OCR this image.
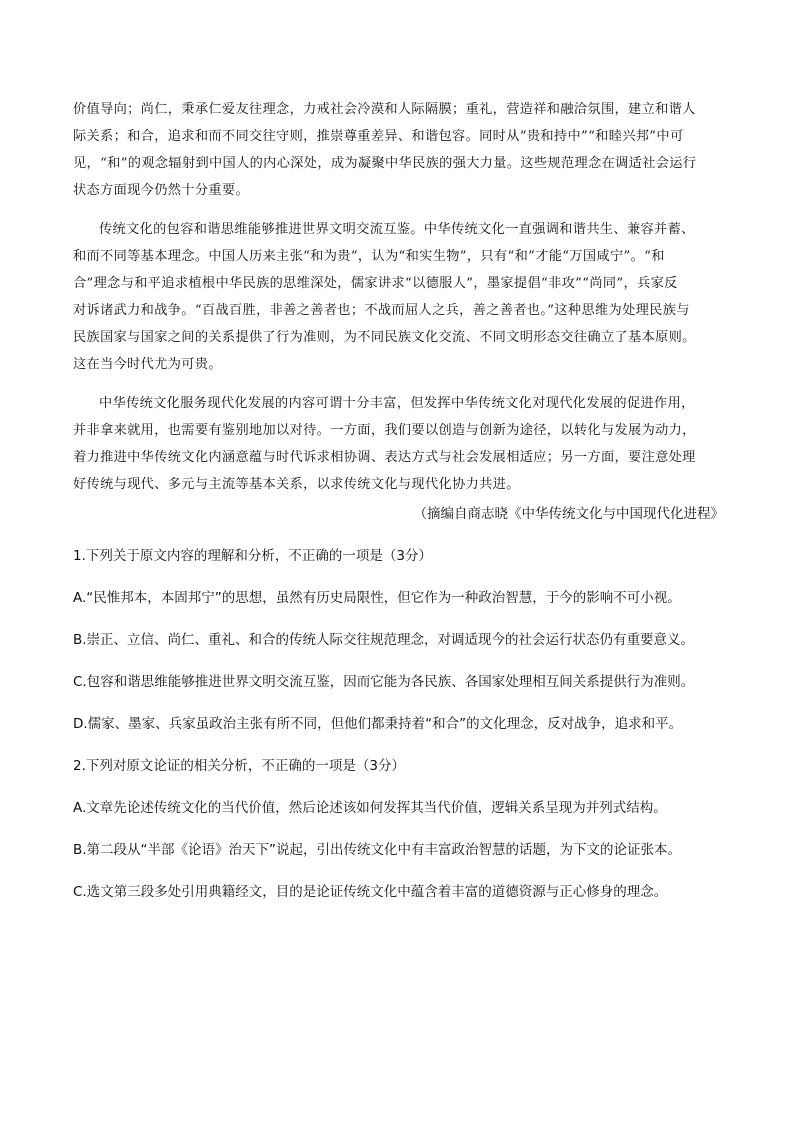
价值导向；尚仁，秉承仁爱友往理念，力戒社会冷漠和人际隔膜；重礼，营造祥和融洽氛围，建立和谐人
际关系；和合，追求和而不同交往守则，推崇尊重差异、和谐包容。同时从“贵和持中”“和睦兴邦”中可
见，“和”的观念辐射到中国人的内心深处，成为凝聚中华民族的强大力量。这些规范理念在调适社会运行
状态方面现今仍然十分重要。

传统文化的包容和谐思维能够推进世界文明交流互鉴。中华传统文化一直强调和谐共生、兼容并蓄、
和而不同等基本理念。中国人历来主张“和为贵”，认为“和实生物”，只有“和”才能“万国咸宁”。“和
合”理念与和平追求植根中华民族的思维深处，儒家讲求“以德服人”，墨家提倡“非攻”“尚同”，兵家反
对诉诸武力和战争。“百战百胜，非善之善者也；不战而屈人之兵，善之善者也。”这种思维为处理民族与
民族国家与国家之间的关系提供了行为准则，为不同民族文化交流、不同文明形态交往确立了基本原则。
这在当今时代尤为可贵。

中华传统文化服务现代化发展的内容可谓十分丰富，但发挥中华传统文化对现代化发展的促进作用，
并非拿来就用，也需要有鉴别地加以对待。一方面，我们要以创造与创新为途径，以转化与发展为动力，
着力推进中华传统文化内涵意蕴与时代诉求相协调、表达方式与社会发展相适应；另一方面，要注意处理
好传统与现代、多元与主流等基本关系，以求传统文化与现代化协力共进。

（摘编自商志晓《中华传统文化与中国现代化进程》

1.下列关于原文内容的理解和分析，不正确的一项是（3分）

A.“民惟邦本，本固邦宁”的思想，虽然有历史局限性，但它作为一种政治智慧，于今的影响不可小视。

B.崇正、立信、尚仁、重礼、和合的传统人际交往规范理念，对调适现今的社会运行状态仍有重要意义。

C.包容和谐思维能够推进世界文明交流互鉴，因而它能为各民族、各国家处理相互间关系提供行为准则。

D.儒家、墨家、兵家虽政治主张有所不同，但他们都秉持着“和合”的文化理念，反对战争，追求和平。

2.下列对原文论证的相关分析，不正确的一项是（3分）

A.文章先论述传统文化的当代价值，然后论述该如何发挥其当代价值，逻辑关系呈现为并列式结构。

B.第二段从“半部《论语》治天下”说起，引出传统文化中有丰富政治智慧的话题，为下文的论证张本。

C.选文第三段多处引用典籍经文，目的是论证传统文化中蕴含着丰富的道德资源与正心修身的理念。
